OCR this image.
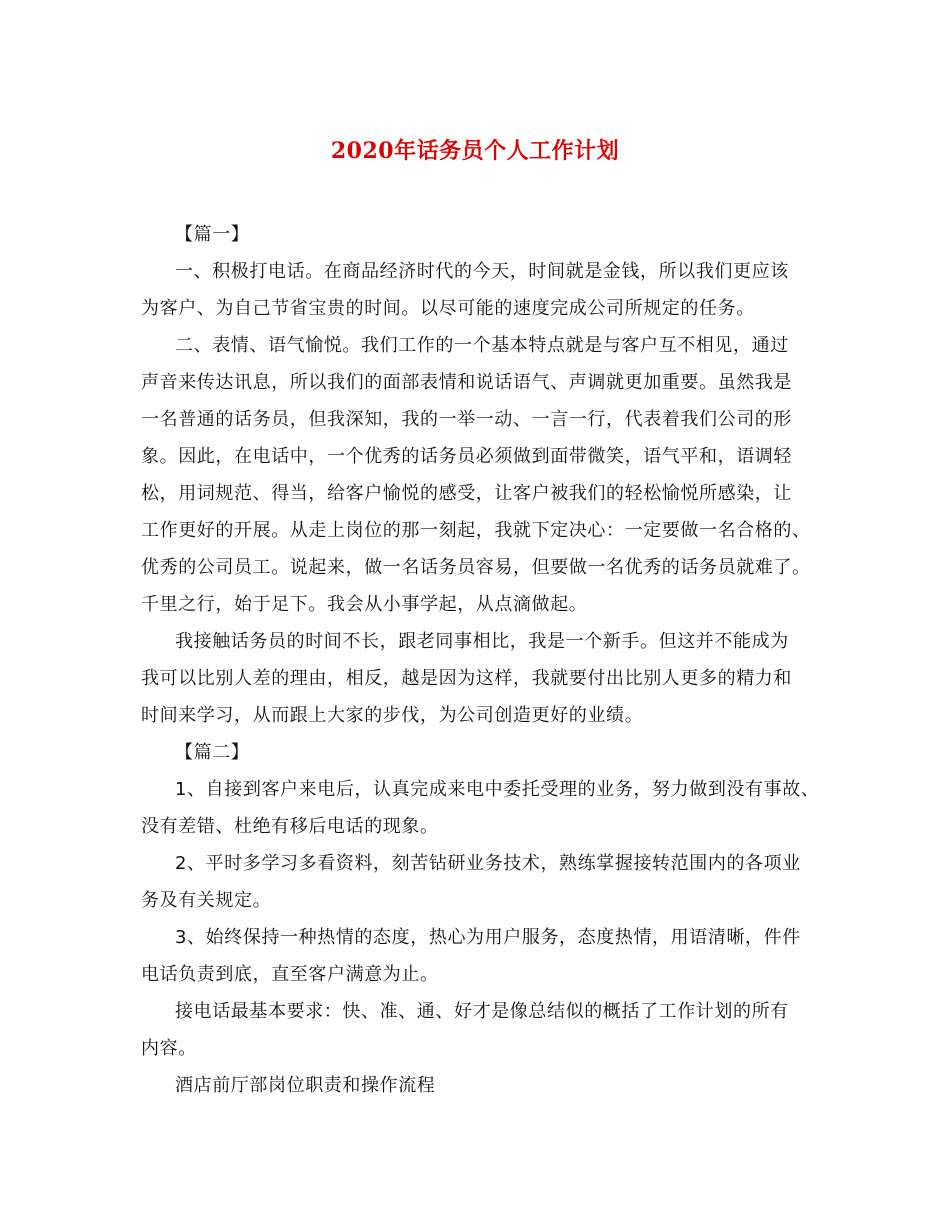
2020年话务员个人工作计划
【篇一】
一、积极打电话。在商品经济时代的今天，时间就是金钱，所以我们更应该
为客户、为自己节省宝贵的时间。以尽可能的速度完成公司所规定的任务。
二、表情、语气愉悦。我们工作的一个基本特点就是与客户互不相见，通过
声音来传达讯息，所以我们的面部表情和说话语气、声调就更加重要。虽然我是
一名普通的话务员，但我深知，我的一举一动、一言一行，代表着我们公司的形
象。因此，在电话中，一个优秀的话务员必须做到面带微笑，语气平和，语调轻
松，用词规范、得当，给客户愉悦的感受，让客户被我们的轻松愉悦所感染，让
工作更好的开展。从走上岗位的那一刻起，我就下定决心：一定要做一名合格的、
优秀的公司员工。说起来，做一名话务员容易，但要做一名优秀的话务员就难了。
千里之行，始于足下。我会从小事学起，从点滴做起。
我接触话务员的时间不长，跟老同事相比，我是一个新手。但这并不能成为
我可以比别人差的理由，相反，越是因为这样，我就要付出比别人更多的精力和
时间来学习，从而跟上大家的步伐，为公司创造更好的业绩。
【篇二】
1、自接到客户来电后，认真完成来电中委托受理的业务，努力做到没有事故、
没有差错、杜绝有移后电话的现象。
2、平时多学习多看资料，刻苦钻研业务技术，熟练掌握接转范围内的各项业
务及有关规定。
3、始终保持一种热情的态度，热心为用户服务，态度热情，用语清晰，件件
电话负责到底，直至客户满意为止。
接电话最基本要求：快、准、通、好才是像总结似的概括了工作计划的所有
内容。
酒店前厅部岗位职责和操作流程
